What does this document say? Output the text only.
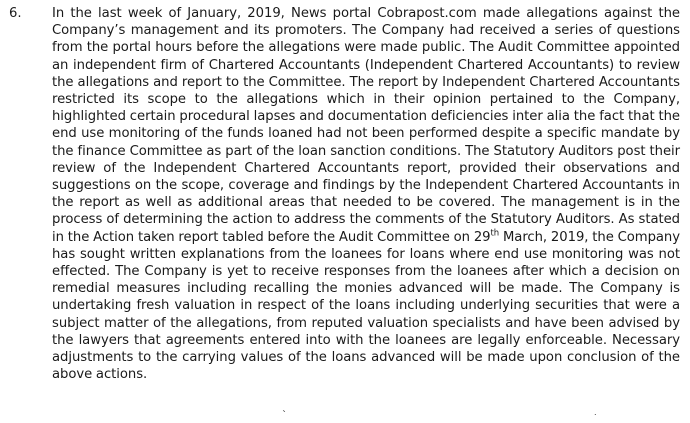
6.	In the last week of January, 2019, News portal Cobrapost.com made allegations against the Company’s management and its promoters. The Company had received a series of questions from the portal hours before the allegations were made public. The Audit Committee appointed an independent firm of Chartered Accountants (Independent Chartered Accountants) to review the allegations and report to the Committee. The report by Independent Chartered Accountants restricted its scope to the allegations which in their opinion pertained to the Company, highlighted certain procedural lapses and documentation deficiencies inter alia the fact that the end use monitoring of the funds loaned had not been performed despite a specific mandate by the finance Committee as part of the loan sanction conditions. The Statutory Auditors post their review of the Independent Chartered Accountants report, provided their observations and suggestions on the scope, coverage and findings by the Independent Chartered Accountants in the report as well as additional areas that needed to be covered. The management is in the process of determining the action to address the comments of the Statutory Auditors. As stated in the Action taken report tabled before the Audit Committee on 29th March, 2019, the Company has sought written explanations from the loanees for loans where end use monitoring was not effected. The Company is yet to receive responses from the loanees after which a decision on remedial measures including recalling the monies advanced will be made. The Company is undertaking fresh valuation in respect of the loans including underlying securities that were a subject matter of the allegations, from reputed valuation specialists and have been advised by the lawyers that agreements entered into with the loanees are legally enforceable. Necessary adjustments to the carrying values of the loans advanced will be made upon conclusion of the above actions.
`	.
